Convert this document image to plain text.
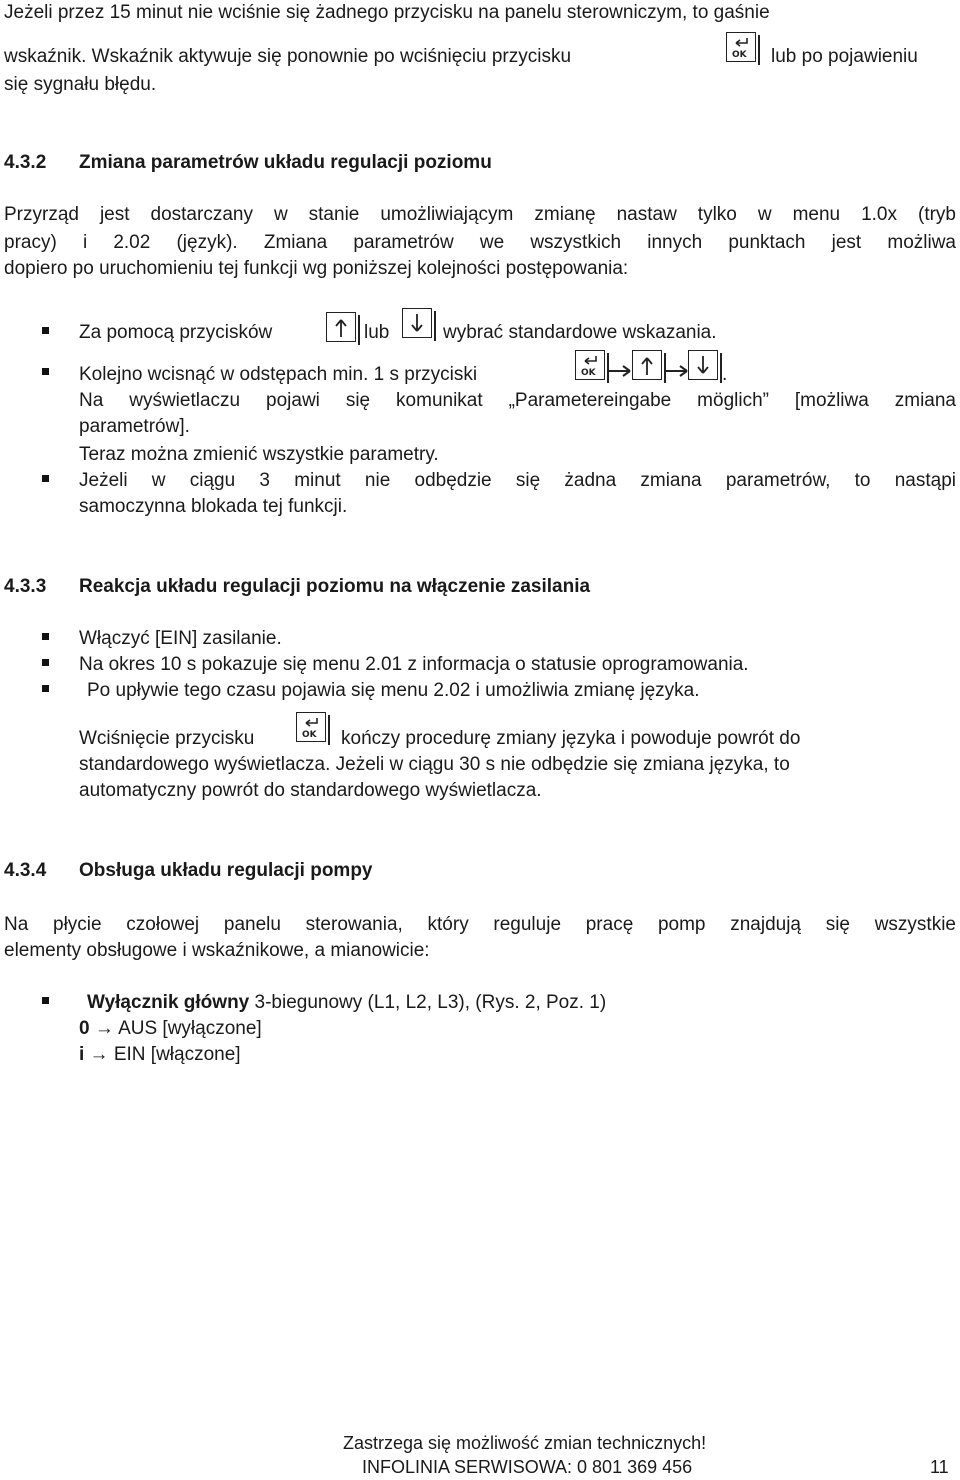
Jeżeli przez 15 minut nie wciśnie się żadnego przycisku na panelu sterowniczym, to gaśnie
wskaźnik. Wskaźnik aktywuje się ponownie po wciśnięciu przycisku	OK lub po pojawieniu
się sygnału błędu.
4.3.2 Zmiana parametrów układu regulacji poziomu
Przyrząd jest dostarczany w stanie umożliwiającym zmianę nastaw tylko w menu 1.0x (tryb
pracy) i 2.02 (język). Zmiana parametrów we wszystkich innych punktach jest możliwa
dopiero po uruchomieniu tej funkcji wg poniższej kolejności postępowania:
Za pomocą przycisków	lub	wybrać standardowe wskazania.
Kolejno wcisnąć w odstępach min. 1 s przyciski	OK	.
Na wyświetlaczu pojawi się komunikat „Parametereingabe möglich” [możliwa zmiana
parametrów].
Teraz można zmienić wszystkie parametry.
Jeżeli w ciągu 3 minut nie odbędzie się żadna zmiana parametrów, to nastąpi
samoczynna blokada tej funkcji.
4.3.3 Reakcja układu regulacji poziomu na włączenie zasilania
Włączyć [EIN] zasilanie.
Na okres 10 s pokazuje się menu 2.01 z informacja o statusie oprogramowania.
Po upływie tego czasu pojawia się menu 2.02 i umożliwia zmianę języka.
Wciśnięcie przycisku	OK kończy procedurę zmiany języka i powoduje powrót do
standardowego wyświetlacza. Jeżeli w ciągu 30 s nie odbędzie się zmiana języka, to
automatyczny powrót do standardowego wyświetlacza.
4.3.4 Obsługa układu regulacji pompy
Na płycie czołowej panelu sterowania, który reguluje pracę pomp znajdują się wszystkie
elementy obsługowe i wskaźnikowe, a mianowicie:
Wyłącznik główny 3-biegunowy (L1, L2, L3), (Rys. 2, Poz. 1)
0 → AUS [wyłączone]
i → EIN [włączone]
Zastrzega się możliwość zmian technicznych!
INFOLINIA SERWISOWA: 0 801 369 456	11
